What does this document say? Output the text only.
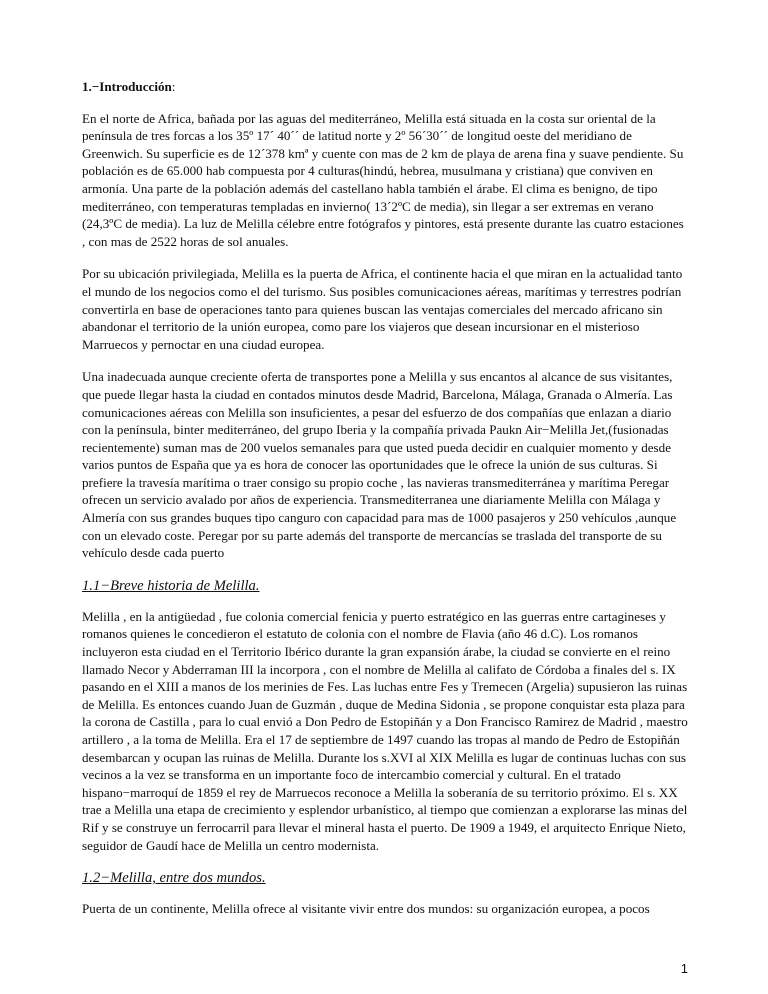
1.−Introducción:

En el norte de Africa, bañada por las aguas del mediterráneo, Melilla está situada en la costa sur oriental de la península de tres forcas a los 35º 17´ 40´´ de latitud norte y 2º 56´30´´ de longitud oeste del meridiano de Greenwich. Su superficie es de 12´378 kmª y cuente con mas de 2 km de playa de arena fina y suave pendiente. Su población es de 65.000 hab compuesta por 4 culturas(hindú, hebrea, musulmana y cristiana) que conviven en armonía. Una parte de la población además del castellano habla también el árabe. El clima es benigno, de tipo mediterráneo, con temperaturas templadas en invierno( 13´2ºC de media), sin llegar a ser extremas en verano (24,3ºC de media). La luz de Melilla célebre entre fotógrafos y pintores, está presente durante las cuatro estaciones , con mas de 2522 horas de sol anuales.

Por su ubicación privilegiada, Melilla es la puerta de Africa, el continente hacia el que miran en la actualidad tanto el mundo de los negocios como el del turismo. Sus posibles comunicaciones aéreas, marítimas y terrestres podrían convertirla en base de operaciones tanto para quienes buscan las ventajas comerciales del mercado africano sin abandonar el territorio de la unión europea, como pare los viajeros que desean incursionar en el misterioso Marruecos y pernoctar en una ciudad europea.

Una inadecuada aunque creciente oferta de transportes pone a Melilla y sus encantos al alcance de sus visitantes, que puede llegar hasta la ciudad en contados minutos desde Madrid, Barcelona, Málaga, Granada o Almería. Las comunicaciones aéreas con Melilla son insuficientes, a pesar del esfuerzo de dos compañías que enlazan a diario con la península, binter mediterráneo, del grupo Iberia y la compañía privada Paukn Air−Melilla Jet,(fusionadas recientemente) suman mas de 200 vuelos semanales para que usted pueda decidir en cualquier momento y desde varios puntos de España que ya es hora de conocer las oportunidades que le ofrece la unión de sus culturas. Si prefiere la travesía marítima o traer consigo su propio coche , las navieras transmediterránea y marítima Peregar ofrecen un servicio avalado por años de experiencia. Transmediterranea une diariamente Melilla con Málaga y Almería con sus grandes buques tipo canguro con capacidad para mas de 1000 pasajeros y 250 vehículos ,aunque con un elevado coste. Peregar por su parte además del transporte de mercancías se traslada del transporte de su vehículo desde cada puerto

1.1−Breve historia de Melilla.

Melilla , en la antigüedad , fue colonia comercial fenicia y puerto estratégico en las guerras entre cartagineses y romanos quienes le concedieron el estatuto de colonia con el nombre de Flavia (año 46 d.C). Los romanos incluyeron esta ciudad en el Territorio Ibérico durante la gran expansión árabe, la ciudad se convierte en el reino llamado Necor y Abderraman III la incorpora , con el nombre de Melilla al califato de Córdoba a finales del s. IX pasando en el XIII a manos de los merinies de Fes. Las luchas entre Fes y Tremecen (Argelia) supusieron las ruinas de Melilla. Es entonces cuando Juan de Guzmán , duque de Medina Sidonia , se propone conquistar esta plaza para la corona de Castilla , para lo cual envió a Don Pedro de Estopiñán y a Don Francisco Ramirez de Madrid , maestro artillero , a la toma de Melilla. Era el 17 de septiembre de 1497 cuando las tropas al mando de Pedro de Estopiñán desembarcan y ocupan las ruinas de Melilla. Durante los s.XVI al XIX Melilla es lugar de continuas luchas con sus vecinos a la vez se transforma en un importante foco de intercambio comercial y cultural. En el tratado hispano−marroquí de 1859 el rey de Marruecos reconoce a Melilla la soberanía de su territorio próximo. El s. XX trae a Melilla una etapa de crecimiento y esplendor urbanístico, al tiempo que comienzan a explorarse las minas del Rif y se construye un ferrocarril para llevar el mineral hasta el puerto. De 1909 a 1949, el arquitecto Enrique Nieto, seguidor de Gaudí hace de Melilla un centro modernista.

1.2−Melilla, entre dos mundos.

Puerta de un continente, Melilla ofrece al visitante vivir entre dos mundos: su organización europea, a pocos

1
